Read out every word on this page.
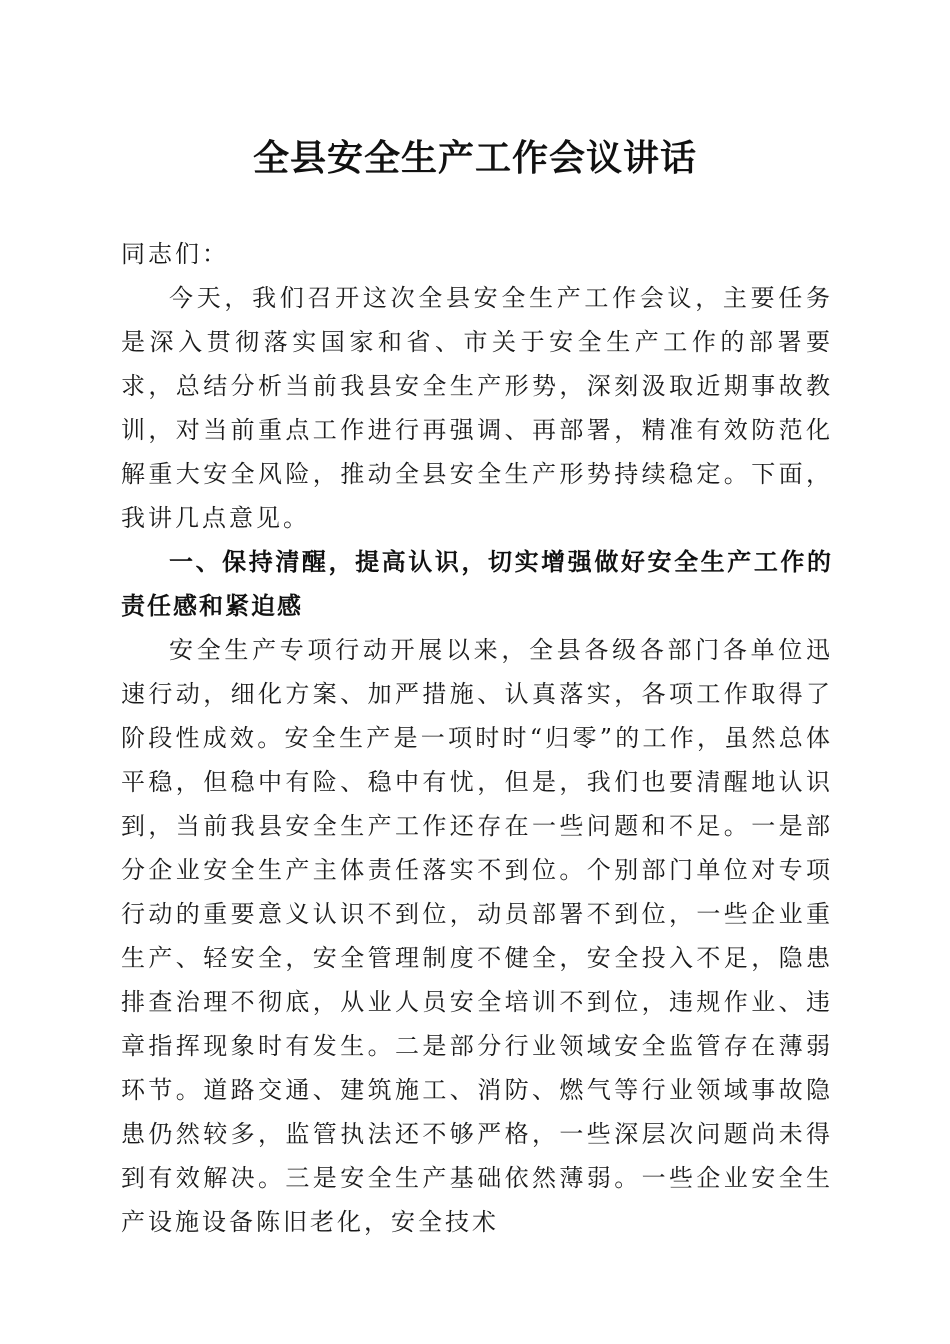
全县安全生产工作会议讲话

同志们：

今天，我们召开这次全县安全生产工作会议，主要任务是深入贯彻落实国家和省、市关于安全生产工作的部署要求，总结分析当前我县安全生产形势，深刻汲取近期事故教训，对当前重点工作进行再强调、再部署，精准有效防范化解重大安全风险，推动全县安全生产形势持续稳定。下面，我讲几点意见。

一、保持清醒，提高认识，切实增强做好安全生产工作的责任感和紧迫感

安全生产专项行动开展以来，全县各级各部门各单位迅速行动，细化方案、加严措施、认真落实，各项工作取得了阶段性成效。安全生产是一项时时“归零”的工作，虽然总体平稳，但稳中有险、稳中有忧，但是，我们也要清醒地认识到，当前我县安全生产工作还存在一些问题和不足。一是部分企业安全生产主体责任落实不到位。个别部门单位对专项行动的重要意义认识不到位，动员部署不到位，一些企业重生产、轻安全，安全管理制度不健全，安全投入不足，隐患排查治理不彻底，从业人员安全培训不到位，违规作业、违章指挥现象时有发生。二是部分行业领域安全监管存在薄弱环节。道路交通、建筑施工、消防、燃气等行业领域事故隐患仍然较多，监管执法还不够严格，一些深层次问题尚未得到有效解决。三是安全生产基础依然薄弱。一些企业安全生产设施设备陈旧老化，安全技术
